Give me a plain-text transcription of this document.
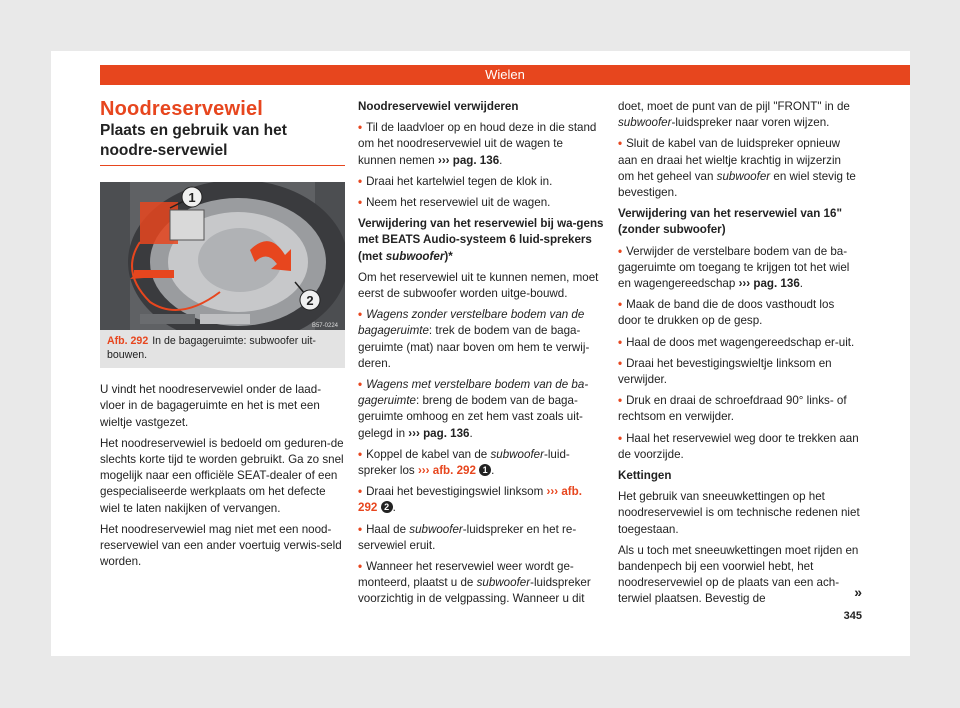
Wielen
Noodreservewiel
Plaats en gebruik van het noodre-servewiel
1
2
B57-0224
Afb. 292 In de bagageruimte: subwoofer uit-bouwen.

U vindt het noodreservewiel onder de laad-vloer in de bagageruimte en het is met een wieltje vastgezet.

Het noodreservewiel is bedoeld om geduren-de slechts korte tijd te worden gebruikt. Ga zo snel mogelijk naar een officiële SEAT-dealer of een gespecialiseerde werkplaats om het defecte wiel te laten nakijken of vervangen.

Het noodreservewiel mag niet met een nood-reservewiel van een ander voertuig verwis-seld worden.

Noodreservewiel verwijderen

• Til de laadvloer op en houd deze in die stand om het noodreservewiel uit de wagen te kunnen nemen ››› pag. 136.

• Draai het kartelwiel tegen de klok in.

• Neem het reservewiel uit de wagen.

Verwijdering van het reservewiel bij wa-gens met BEATS Audio-systeem 6 luid-sprekers (met subwoofer)*

Om het reservewiel uit te kunnen nemen, moet eerst de subwoofer worden uitge-bouwd.

• Wagens zonder verstelbare bodem van de bagageruimte: trek de bodem van de baga-geruimte (mat) naar boven om hem te verwij-deren.

• Wagens met verstelbare bodem van de ba-gageruimte: breng de bodem van de baga-geruimte omhoog en zet hem vast zoals uit-gelegd in ››› pag. 136.

• Koppel de kabel van de subwoofer-luid-spreker los ››› afb. 292 1 .

• Draai het bevestigingswiel linksom ››› afb. 292 2 .

• Haal de subwoofer-luidspreker en het re-servewiel eruit.

• Wanneer het reservewiel weer wordt ge-monteerd, plaatst u de subwoofer-luidspreker voorzichtig in de velgpassing. Wanneer u dit

doet, moet de punt van de pijl "FRONT" in de subwoofer-luidspreker naar voren wijzen.

• Sluit de kabel van de luidspreker opnieuw aan en draai het wieltje krachtig in wijzerzin om het geheel van subwoofer en wiel stevig te bevestigen.

Verwijdering van het reservewiel van 16" (zonder subwoofer)

• Verwijder de verstelbare bodem van de ba-gageruimte om toegang te krijgen tot het wiel en wagengereedschap ››› pag. 136.

• Maak de band die de doos vasthoudt los door te drukken op de gesp.

• Haal de doos met wagengereedschap er-uit.

• Draai het bevestigingswieltje linksom en verwijder.

• Druk en draai de schroefdraad 90° links- of rechtsom en verwijder.

• Haal het reservewiel weg door te trekken aan de voorzijde.

Kettingen

Het gebruik van sneeuwkettingen op het noodreservewiel is om technische redenen niet toegestaan.

Als u toch met sneeuwkettingen moet rijden en bandenpech bij een voorwiel hebt, het noodreservewiel op de plaats van een ach-terwiel plaatsen. Bevestig de	»
345
